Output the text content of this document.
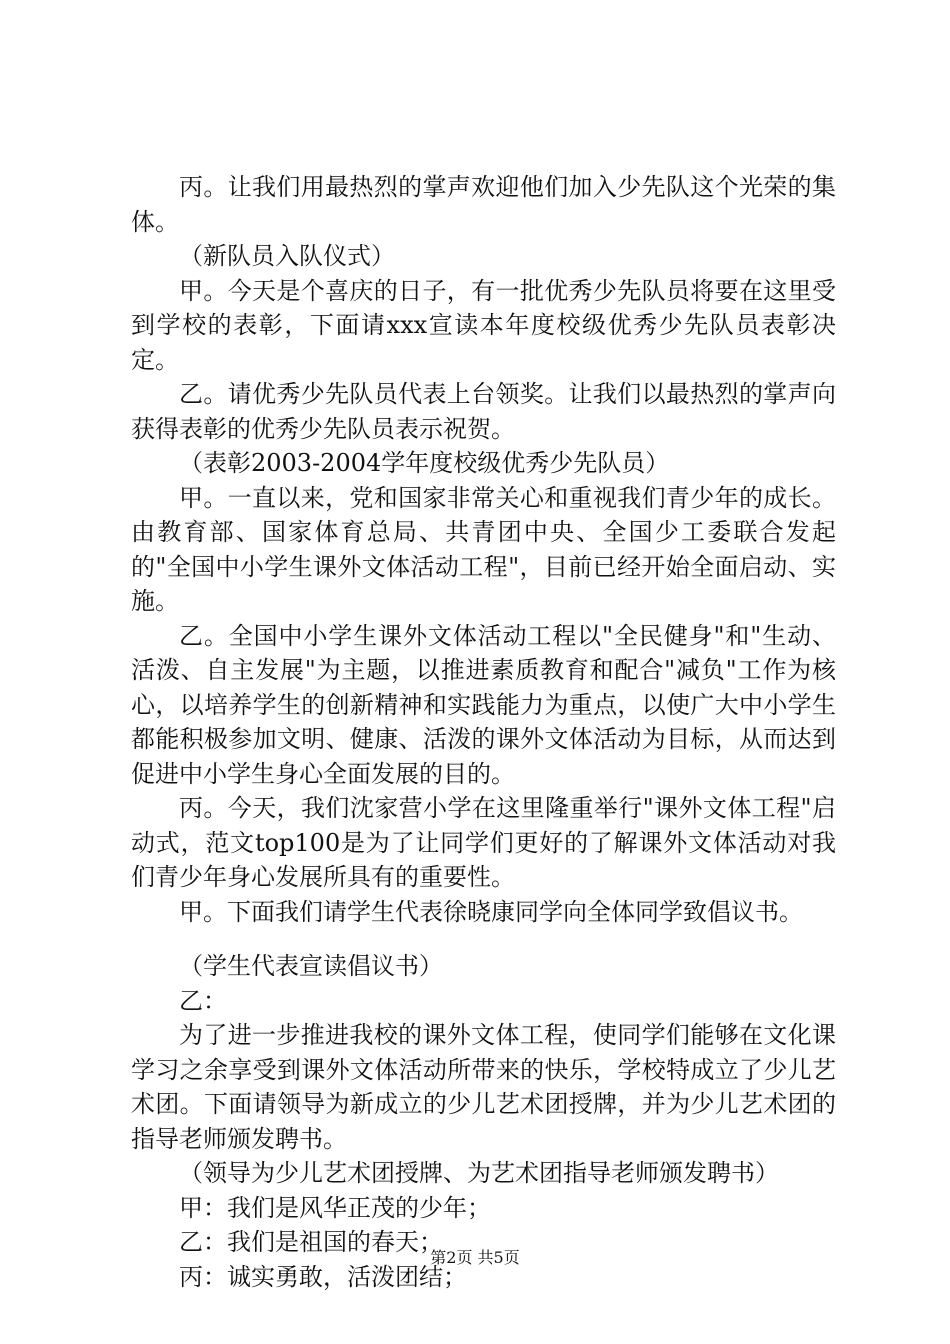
丙。让我们用最热烈的掌声欢迎他们加入少先队这个光荣的集体。

（新队员入队仪式）

甲。今天是个喜庆的日子，有一批优秀少先队员将要在这里受到学校的表彰，下面请xxx宣读本年度校级优秀少先队员表彰决定。

乙。请优秀少先队员代表上台领奖。让我们以最热烈的掌声向获得表彰的优秀少先队员表示祝贺。

（表彰2003-2004学年度校级优秀少先队员）

甲。一直以来，党和国家非常关心和重视我们青少年的成长。由教育部、国家体育总局、共青团中央、全国少工委联合发起的"全国中小学生课外文体活动工程"，目前已经开始全面启动、实施。

乙。全国中小学生课外文体活动工程以"全民健身"和"生动、活泼、自主发展"为主题，以推进素质教育和配合"减负"工作为核心，以培养学生的创新精神和实践能力为重点，以使广大中小学生都能积极参加文明、健康、活泼的课外文体活动为目标，从而达到促进中小学生身心全面发展的目的。

丙。今天，我们沈家营小学在这里隆重举行"课外文体工程"启动式，范文top100是为了让同学们更好的了解课外文体活动对我们青少年身心发展所具有的重要性。

甲。下面我们请学生代表徐晓康同学向全体同学致倡议书。

（学生代表宣读倡议书）

乙：

为了进一步推进我校的课外文体工程，使同学们能够在文化课学习之余享受到课外文体活动所带来的快乐，学校特成立了少儿艺术团。下面请领导为新成立的少儿艺术团授牌，并为少儿艺术团的指导老师颁发聘书。

（领导为少儿艺术团授牌、为艺术团指导老师颁发聘书）

甲：我们是风华正茂的少年；

乙：我们是祖国的春天；

丙：诚实勇敢，活泼团结；

第2页 共5页
